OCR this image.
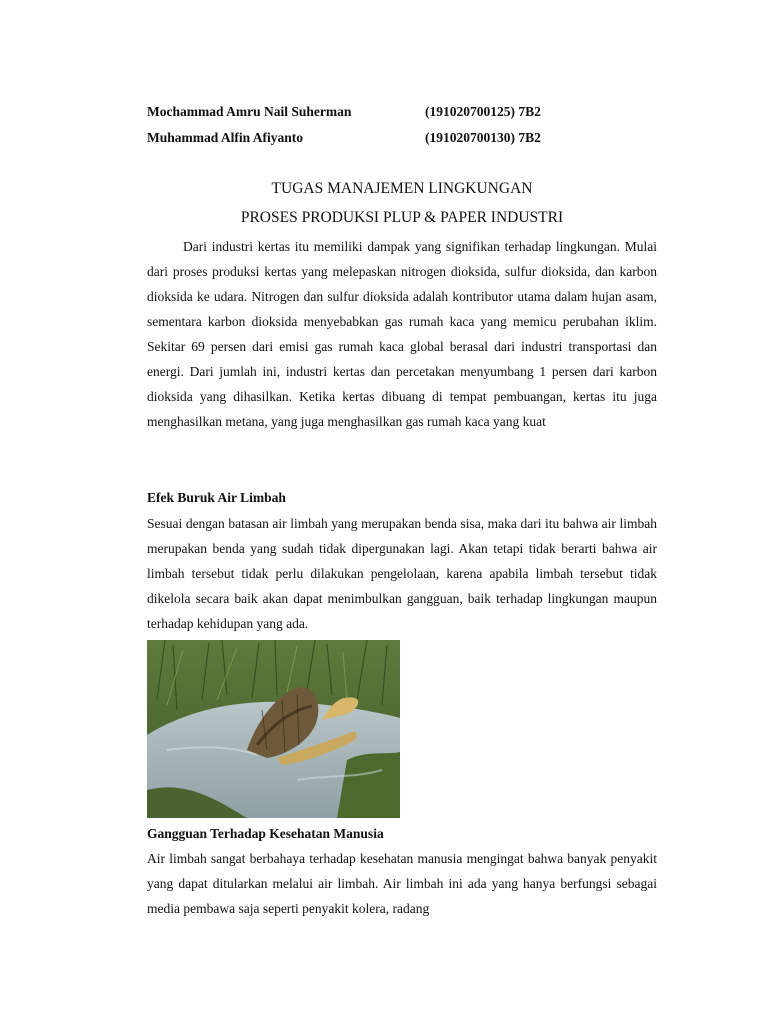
Mochammad Amru Nail Suherman	(191020700125) 7B2
Muhammad Alfin Afiyanto	(191020700130) 7B2
TUGAS MANAJEMEN LINGKUNGAN
PROSES PRODUKSI PLUP & PAPER INDUSTRI

Dari industri kertas itu memiliki dampak yang signifikan terhadap lingkungan. Mulai dari proses produksi kertas yang melepaskan nitrogen dioksida, sulfur dioksida, dan karbon dioksida ke udara. Nitrogen dan sulfur dioksida adalah kontributor utama dalam hujan asam, sementara karbon dioksida menyebabkan gas rumah kaca yang memicu perubahan iklim. Sekitar 69 persen dari emisi gas rumah kaca global berasal dari industri transportasi dan energi. Dari jumlah ini, industri kertas dan percetakan menyumbang 1 persen dari karbon dioksida yang dihasilkan. Ketika kertas dibuang di tempat pembuangan, kertas itu juga menghasilkan metana, yang juga menghasilkan gas rumah kaca yang kuat

Efek Buruk Air Limbah

Sesuai dengan batasan air limbah yang merupakan benda sisa, maka dari itu bahwa air limbah merupakan benda yang sudah tidak dipergunakan lagi. Akan tetapi tidak berarti bahwa air limbah tersebut tidak perlu dilakukan pengelolaan, karena apabila limbah tersebut tidak dikelola secara baik akan dapat menimbulkan gangguan, baik terhadap lingkungan maupun terhadap kehidupan yang ada.

Gangguan Terhadap Kesehatan Manusia

Air limbah sangat berbahaya terhadap kesehatan manusia mengingat bahwa banyak penyakit yang dapat ditularkan melalui air limbah. Air limbah ini ada yang hanya berfungsi sebagai media pembawa saja seperti penyakit kolera, radang
